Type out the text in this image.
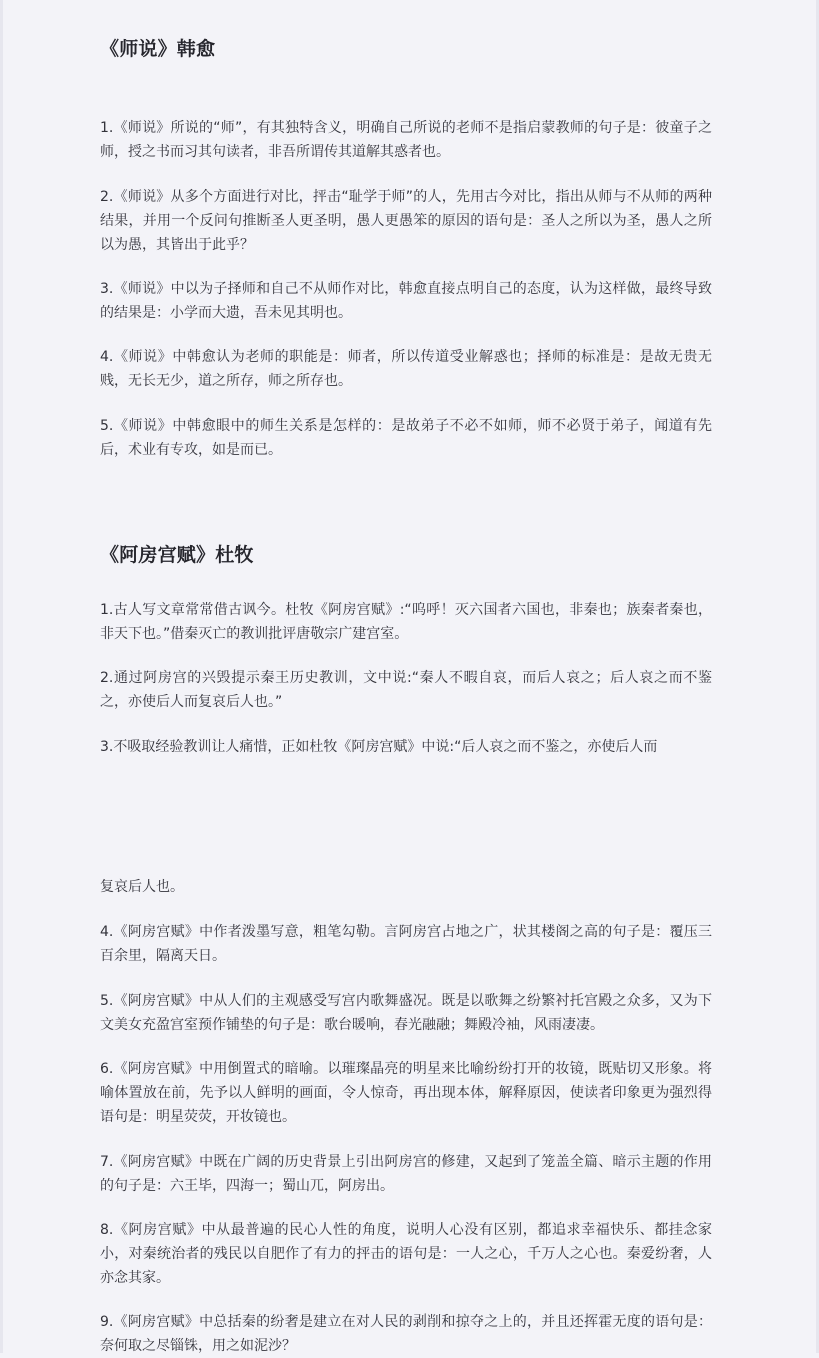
《师说》韩愈

1.《师说》所说的“师”，有其独特含义，明确自己所说的老师不是指启蒙教师的句子是：彼童子之师，授之书而习其句读者，非吾所谓传其道解其惑者也。

2.《师说》从多个方面进行对比，抨击“耻学于师”的人，先用古今对比，指出从师与不从师的两种结果，并用一个反问句推断圣人更圣明，愚人更愚笨的原因的语句是：圣人之所以为圣，愚人之所以为愚，其皆出于此乎？

3.《师说》中以为子择师和自己不从师作对比，韩愈直接点明自己的态度，认为这样做，最终导致的结果是：小学而大遗，吾未见其明也。

4.《师说》中韩愈认为老师的职能是：师者，所以传道受业解惑也；择师的标准是：是故无贵无贱，无长无少，道之所存，师之所存也。

5.《师说》中韩愈眼中的师生关系是怎样的：是故弟子不必不如师，师不必贤于弟子，闻道有先后，术业有专攻，如是而已。

《阿房宫赋》杜牧

1.古人写文章常常借古讽今。杜牧《阿房宫赋》:“呜呼！灭六国者六国也，非秦也；族秦者秦也，非天下也。”借秦灭亡的教训批评唐敬宗广建宫室。

2.通过阿房宫的兴毁提示秦王历史教训，文中说:“秦人不暇自哀，而后人哀之；后人哀之而不鉴之，亦使后人而复哀后人也。”

3.不吸取经验教训让人痛惜，正如杜牧《阿房宫赋》中说:“后人哀之而不鉴之，亦使后人而

复哀后人也。

4.《阿房宫赋》中作者泼墨写意，粗笔勾勒。言阿房宫占地之广，状其楼阁之高的句子是：覆压三百余里，隔离天日。

5.《阿房宫赋》中从人们的主观感受写宫内歌舞盛况。既是以歌舞之纷繁衬托宫殿之众多，又为下文美女充盈宫室预作铺垫的句子是：歌台暖响，春光融融；舞殿冷袖，风雨凄凄。

6.《阿房宫赋》中用倒置式的暗喻。以璀璨晶亮的明星来比喻纷纷打开的妆镜，既贴切又形象。将喻体置放在前，先予以人鲜明的画面，令人惊奇，再出现本体，解释原因，使读者印象更为强烈得语句是：明星荧荧，开妆镜也。

7.《阿房宫赋》中既在广阔的历史背景上引出阿房宫的修建，又起到了笼盖全篇、暗示主题的作用的句子是：六王毕，四海一；蜀山兀，阿房出。

8.《阿房宫赋》中从最普遍的民心人性的角度，说明人心没有区别，都追求幸福快乐、都挂念家小，对秦统治者的残民以自肥作了有力的抨击的语句是：一人之心，千万人之心也。秦爱纷奢，人亦念其家。

9.《阿房宫赋》中总括秦的纷奢是建立在对人民的剥削和掠夺之上的，并且还挥霍无度的语句是：奈何取之尽锱铢，用之如泥沙？
